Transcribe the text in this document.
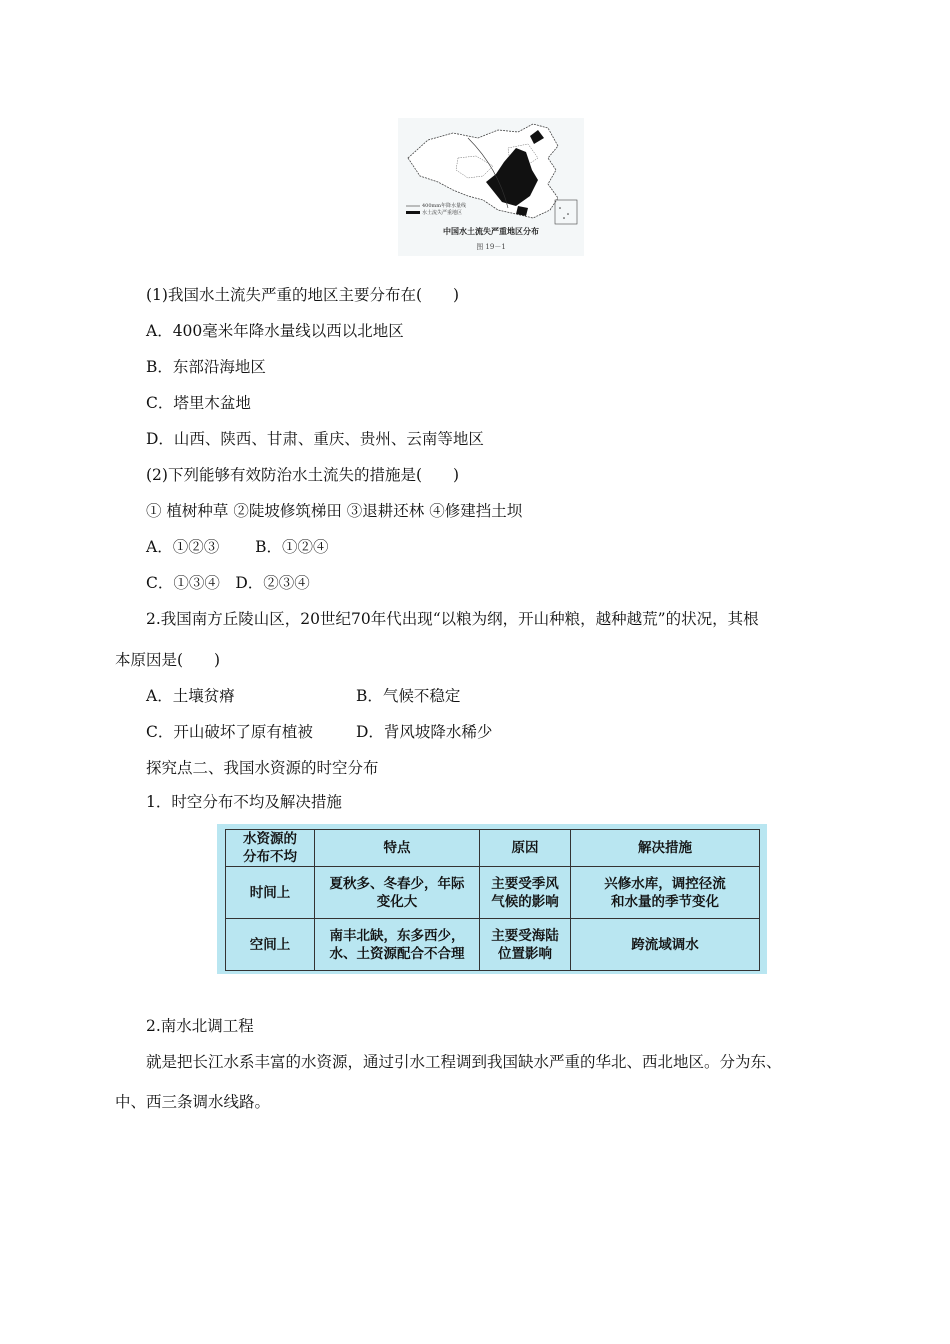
400mm年降水量线
水土流失严重地区
中国水土流失严重地区分布
图 19－1
(1)我国水土流失严重的地区主要分布在(　　)
A．400毫米年降水量线以西以北地区
B．东部沿海地区
C．塔里木盆地
D．山西、陕西、甘肃、重庆、贵州、云南等地区
(2)下列能够有效防治水土流失的措施是(　　)
① 植树种草 ②陡坡修筑梯田 ③退耕还林 ④修建挡土坝
A．①②③　　 B．①②④
C．①③④　D．②③④
2.我国南方丘陵山区，20世纪70年代出现“以粮为纲，开山种粮，越种越荒”的状况，其根
本原因是(　　)
A．土壤贫瘠	B．气候不稳定
C．开山破坏了原有植被	D．背风坡降水稀少
探究点二、我国水资源的时空分布
1．时空分布不均及解决措施
水资源的
分布不均	特点	原因	解决措施
时间上	夏秋多、冬春少，年际
变化大	主要受季风
气候的影响	兴修水库，调控径流
和水量的季节变化
空间上	南丰北缺，东多西少，
水、土资源配合不合理	主要受海陆
位置影响	跨流域调水
2.南水北调工程
就是把长江水系丰富的水资源，通过引水工程调到我国缺水严重的华北、西北地区。分为东、
中、西三条调水线路。
